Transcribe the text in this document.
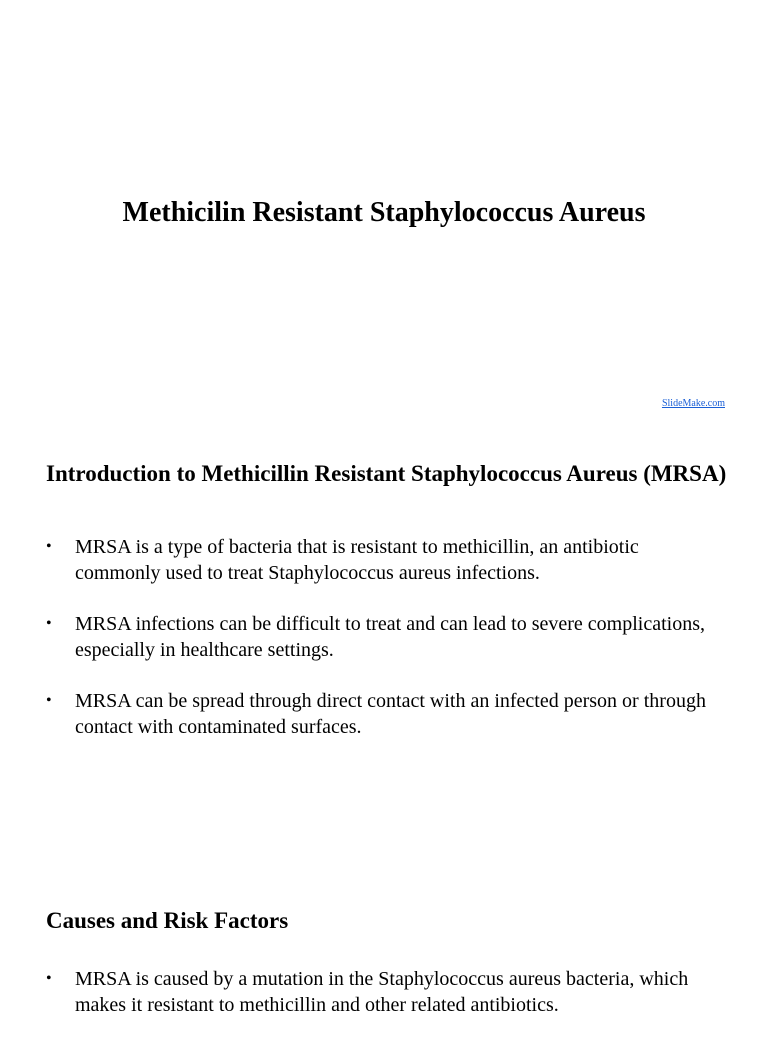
Methicilin Resistant Staphylococcus Aureus
SlideMake.com
Introduction to Methicillin Resistant Staphylococcus Aureus (MRSA)
• MRSA is a type of bacteria that is resistant to methicillin, an antibiotic commonly used to treat Staphylococcus aureus infections.
• MRSA infections can be difficult to treat and can lead to severe complications, especially in healthcare settings.
• MRSA can be spread through direct contact with an infected person or through contact with contaminated surfaces.
Causes and Risk Factors
• MRSA is caused by a mutation in the Staphylococcus aureus bacteria, which makes it resistant to methicillin and other related antibiotics.
